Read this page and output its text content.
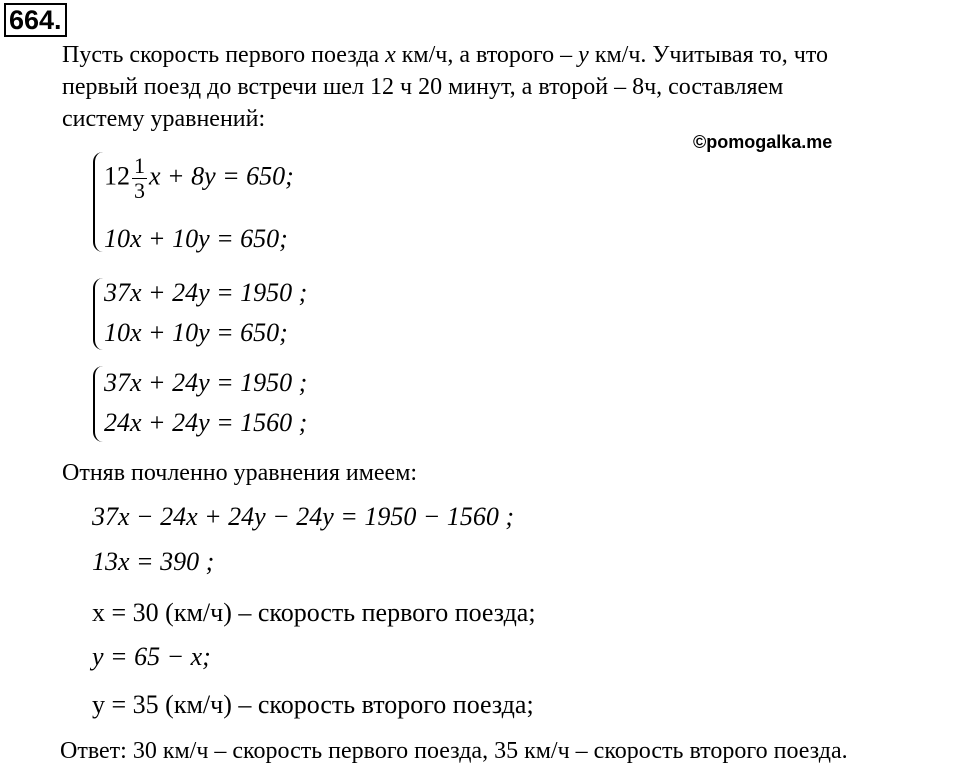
664.
Пусть скорость первого поезда x км/ч, а второго – y км/ч. Учитывая то, что
первый поезд до встречи шел 12 ч 20 минут, а второй – 8ч, составляем
систему уравнений:
©pomogalka.me
$12 \frac{1}{3}$ x + 8y = 650;
10x + 10y = 650;
37x + 24y = 1950 ;
10x + 10y = 650;
37x + 24y = 1950 ;
24x + 24y = 1560 ;
Отняв почленно уравнения имеем:
37x − 24x + 24y − 24y = 1950 − 1560 ;
13x = 390 ;
x = 30 (км/ч) – скорость первого поезда;
y = 65 − x;
y = 35 (км/ч) – скорость второго поезда;
Ответ: 30 км/ч – скорость первого поезда, 35 км/ч – скорость второго поезда.
